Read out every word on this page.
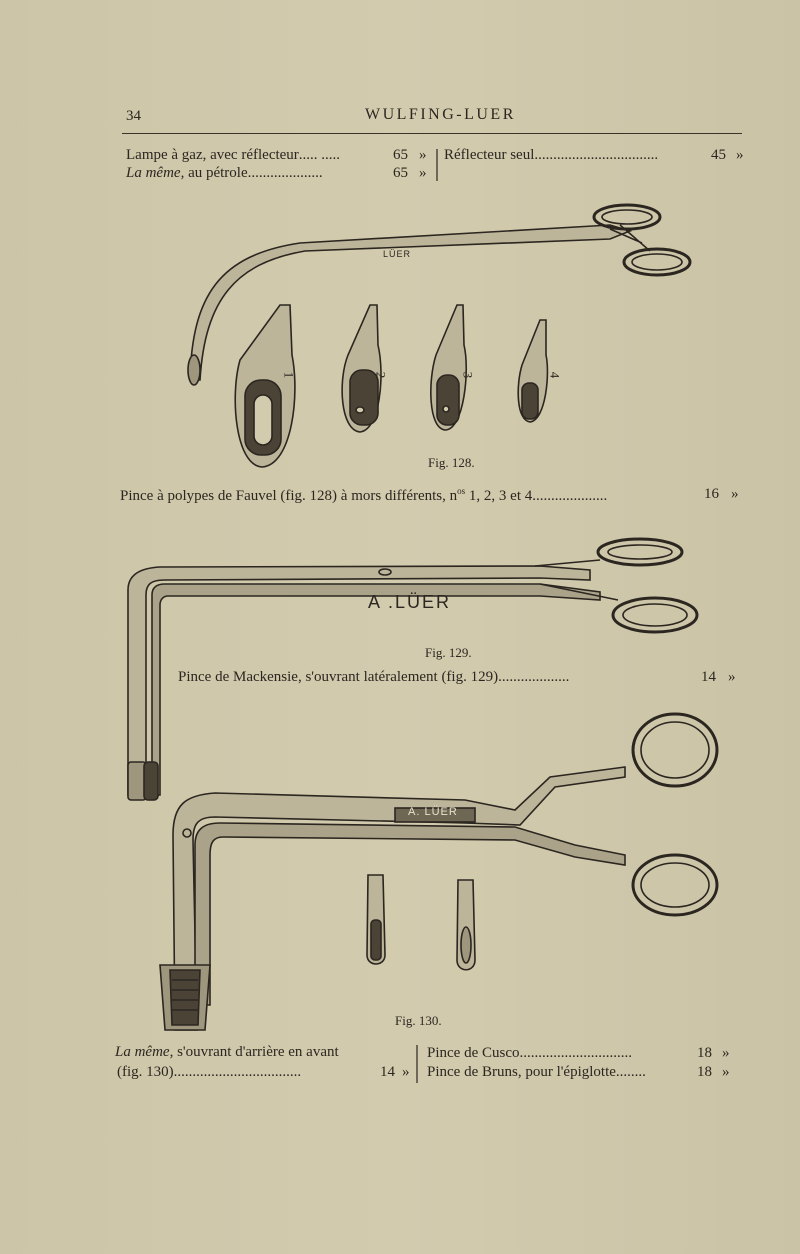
34	WULFING-LUER
Lampe à gaz, avec réflecteur..... .....	65 »
La même, au pétrole....................	65 »
Réflecteur seul.................................	45 »
LÜER
1	2	3	4
Fig. 128.
Pince à polypes de Fauvel (fig. 128) à mors différents, $n^{os}$ 1, 2, 3 et 4....................	16 »
A .LÜER
Fig. 129.
Pince de Mackensie, s'ouvrant latéralement (fig. 129)...................	14 »
A. LÜER
Fig. 130.
La même, s'ouvrant d'arrière en avant
(fig. 130)..................................	14 »
Pince de Cusco..............................	18 »
Pince de Bruns, pour l'épiglotte........	18 »
